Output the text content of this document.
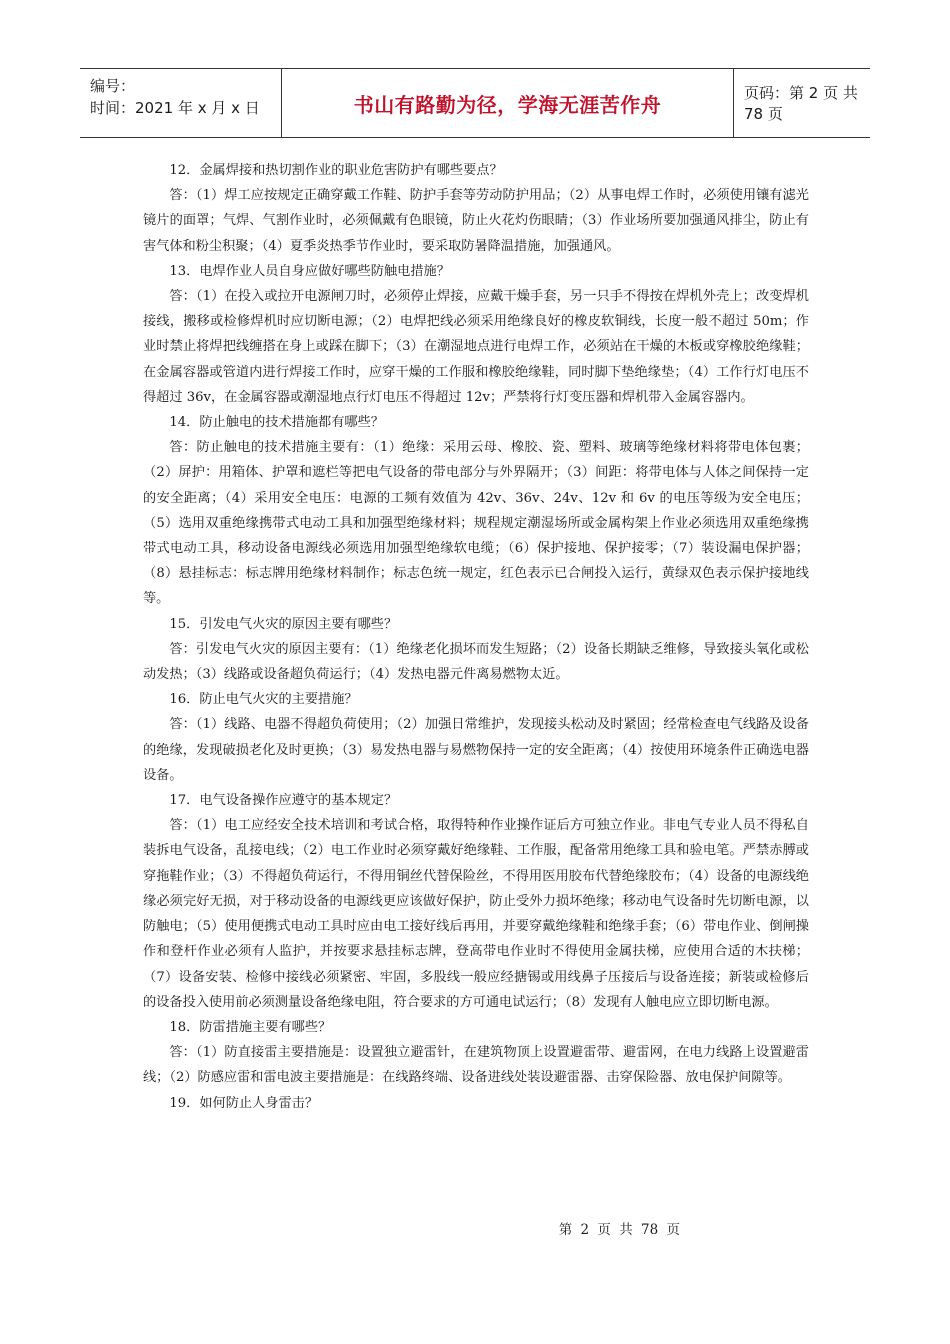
编号：
时间：2021 年 x 月 x 日	书山有路勤为径，学海无涯苦作舟	页码：第 2 页 共 78 页

12．金属焊接和热切割作业的职业危害防护有哪些要点？

答：（1）焊工应按规定正确穿戴工作鞋、防护手套等劳动防护用品；（2）从事电焊工作时，必须使用镶有滤光镜片的面罩；气焊、气割作业时，必须佩戴有色眼镜，防止火花灼伤眼睛；（3）作业场所要加强通风排尘，防止有害气体和粉尘积聚；（4）夏季炎热季节作业时，要采取防暑降温措施，加强通风。

13．电焊作业人员自身应做好哪些防触电措施？

答：（1）在投入或拉开电源闸刀时，必须停止焊接，应戴干燥手套，另一只手不得按在焊机外壳上；改变焊机接线，搬移或检修焊机时应切断电源；（2）电焊把线必须采用绝缘良好的橡皮软铜线，长度一般不超过 50m；作业时禁止将焊把线缠搭在身上或踩在脚下；（3）在潮湿地点进行电焊工作，必须站在干燥的木板或穿橡胶绝缘鞋；在金属容器或管道内进行焊接工作时，应穿干燥的工作服和橡胶绝缘鞋，同时脚下垫绝缘垫；（4）工作行灯电压不得超过 36v，在金属容器或潮湿地点行灯电压不得超过 12v；严禁将行灯变压器和焊机带入金属容器内。

14．防止触电的技术措施都有哪些？

答：防止触电的技术措施主要有：（1）绝缘：采用云母、橡胶、瓷、塑料、玻璃等绝缘材料将带电体包裹；（2）屏护：用箱体、护罩和遮栏等把电气设备的带电部分与外界隔开；（3）间距：将带电体与人体之间保持一定的安全距离；（4）采用安全电压：电源的工频有效值为 42v、36v、24v、12v 和 6v 的电压等级为安全电压；（5）选用双重绝缘携带式电动工具和加强型绝缘材料；规程规定潮湿场所或金属构架上作业必须选用双重绝缘携带式电动工具，移动设备电源线必须选用加强型绝缘软电缆；（6）保护接地、保护接零；（7）装设漏电保护器；（8）悬挂标志：标志牌用绝缘材料制作；标志色统一规定，红色表示已合闸投入运行，黄绿双色表示保护接地线等。

15．引发电气火灾的原因主要有哪些？

答：引发电气火灾的原因主要有：（1）绝缘老化损坏而发生短路；（2）设备长期缺乏维修，导致接头氧化或松动发热；（3）线路或设备超负荷运行；（4）发热电器元件离易燃物太近。

16．防止电气火灾的主要措施？

答：（1）线路、电器不得超负荷使用；（2）加强日常维护，发现接头松动及时紧固；经常检查电气线路及设备的绝缘，发现破损老化及时更换；（3）易发热电器与易燃物保持一定的安全距离；（4）按使用环境条件正确选电器设备。

17．电气设备操作应遵守的基本规定？

答：（1）电工应经安全技术培训和考试合格，取得特种作业操作证后方可独立作业。非电气专业人员不得私自装拆电气设备，乱接电线；（2）电工作业时必须穿戴好绝缘鞋、工作服，配备常用绝缘工具和验电笔。严禁赤膊或穿拖鞋作业；（3）不得超负荷运行，不得用铜丝代替保险丝，不得用医用胶布代替绝缘胶布；（4）设备的电源线绝缘必须完好无损，对于移动设备的电源线更应该做好保护，防止受外力损坏绝缘；移动电气设备时先切断电源，以防触电；（5）使用便携式电动工具时应由电工接好线后再用，并要穿戴绝缘鞋和绝缘手套；（6）带电作业、倒闸操作和登杆作业必须有人监护，并按要求悬挂标志牌，登高带电作业时不得使用金属扶梯，应使用合适的木扶梯；（7）设备安装、检修中接线必须紧密、牢固，多股线一般应经搪锡或用线鼻子压接后与设备连接；新装或检修后的设备投入使用前必须测量设备绝缘电阻，符合要求的方可通电试运行；（8）发现有人触电应立即切断电源。

18．防雷措施主要有哪些？

答：（1）防直接雷主要措施是：设置独立避雷针，在建筑物顶上设置避雷带、避雷网，在电力线路上设置避雷线；（2）防感应雷和雷电波主要措施是：在线路终端、设备进线处装设避雷器、击穿保险器、放电保护间隙等。

19．如何防止人身雷击？

第 2 页 共 78 页
